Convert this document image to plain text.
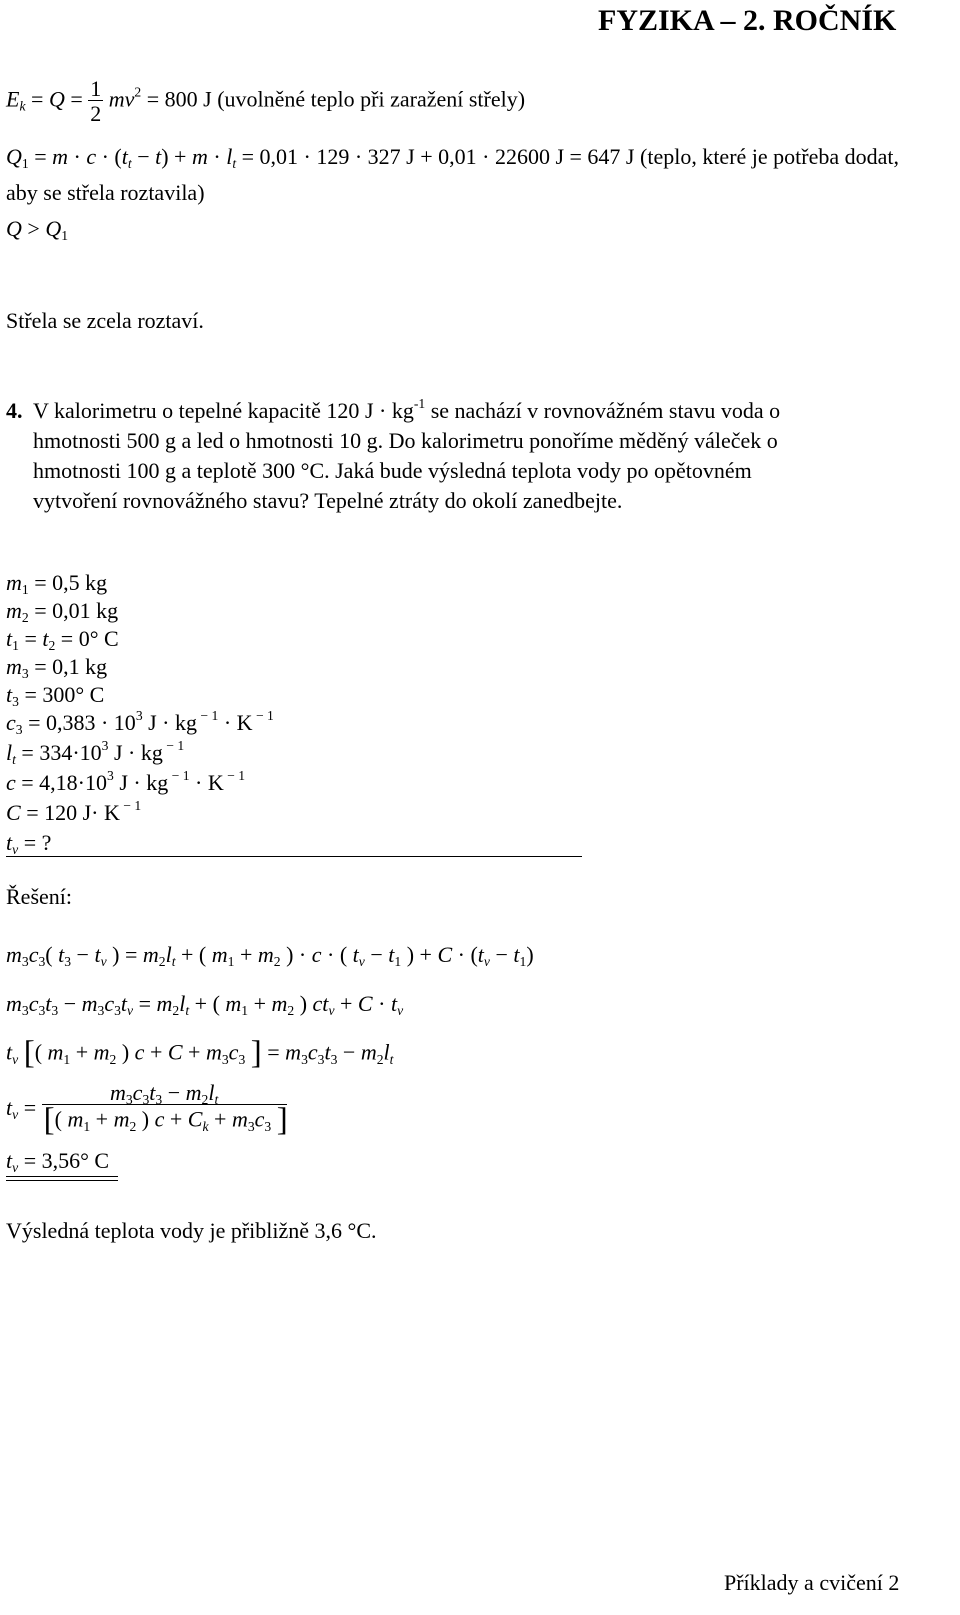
FYZIKA – 2. ROČNÍK
$E_k = Q = \frac{1}{2} mv^2 = 800$ J (uvolněné teplo při zaražení střely)
$Q_1 = m \cdot c \cdot (t_t - t) + m \cdot l_t = 0,01 \cdot 129 \cdot 327$ J + 0,01 · 22600 J = 647 J (teplo, které je potřeba dodat,
aby se střela roztavila)
$Q > Q_1$
Střela se zcela roztaví.
4. V kalorimetru o tepelné kapacitě 120 $J \cdot kg^{-1}$ se nachází v rovnovážném stavu voda o
hmotnosti 500 g a led o hmotnosti 10 g. Do kalorimetru ponoříme měděný váleček o
hmotnosti 100 g a teplotě 300 °C. Jaká bude výsledná teplota vody po opětovném
vytvoření rovnovážného stavu? Tepelné ztráty do okolí zanedbejte.
$m_1 = 0,5$ kg
$m_2 = 0,01$ kg
$t_1 = t_2 = 0^\circ$ C
$m_3 = 0,1$ kg
$t_3 = 300^\circ$ C
$c_3 = 0,383 \cdot 10^3$ J · kg $^{- 1}$ · K $^{- 1}$
$l_t = 334\cdot 10^3$ J · kg $^{- 1}$
$c = 4,18\cdot 10^3$ J · kg $^{- 1}$ · K $^{- 1}$
C = 120 J· K $^{- 1}$
$t_v$ = ?
Řešení:
$m_3c_3$( $t_3 - t_v$ ) = $m_2l_t$ + ( $m_1 + m_2$ ) · c · ( $t_v - t_1$ ) + $C \cdot (t_v - t_1)$
$m_3c_3t_3 - m_3c_3t_v = m_2l_t$ + ( $m_1 + m_2$ ) $ct_v + C \cdot t_v$
$t_v$ [( $m_1 + m_2$ ) $c + C + m_3c_3$ ] = $m_3c_3t_3 - m_2l_t$
$t_v = \frac{m_3c_3t_3 - m_2l_t}{[( m_1 + m_2 ) c + C_k + m_3c_3 ]}$
$t_v = 3,56^\circ$ C
Výsledná teplota vody je přibližně 3,6 °C.
Příklady a cvičení 2
